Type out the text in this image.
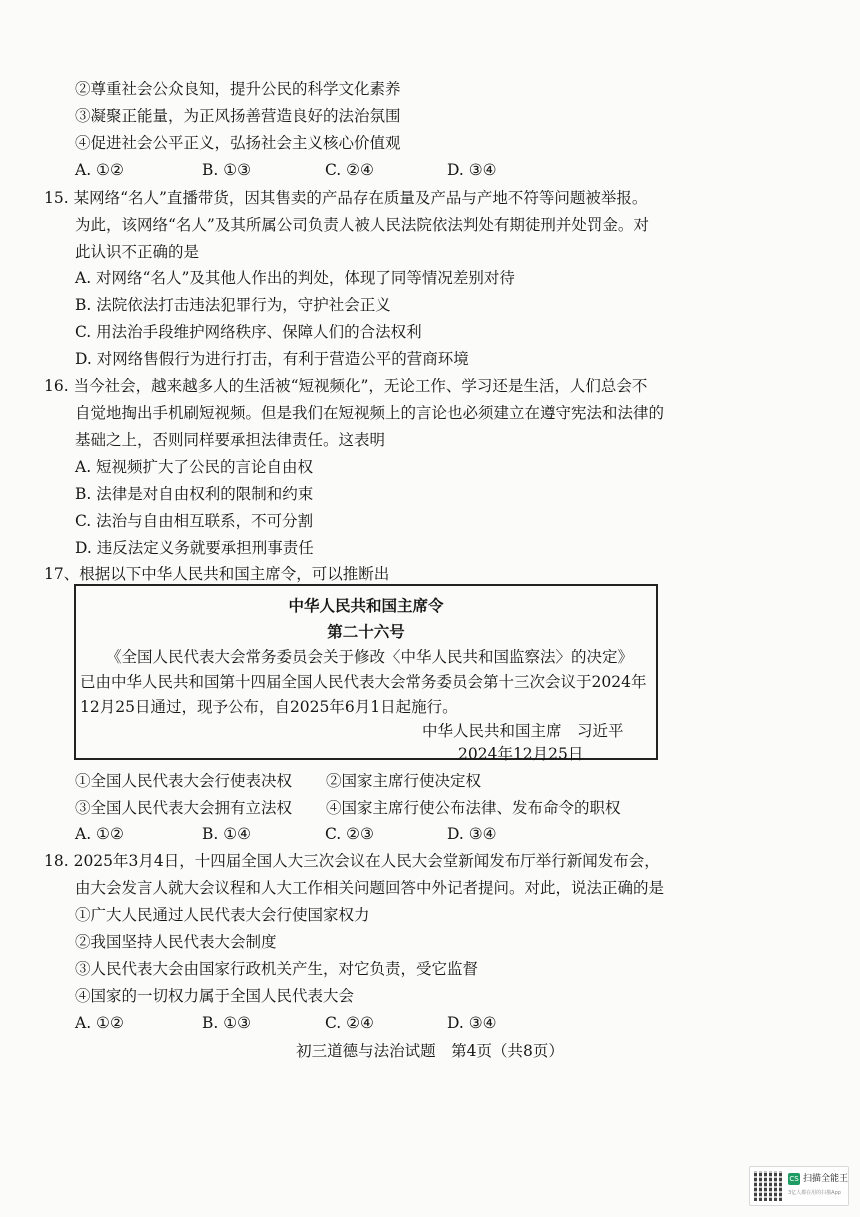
②尊重社会公众良知，提升公民的科学文化素养
③凝聚正能量，为正风扬善营造良好的法治氛围
④促进社会公平正义，弘扬社会主义核心价值观
A. ①②	B. ①③	C. ②④	D. ③④
15. 某网络“名人”直播带货，因其售卖的产品存在质量及产品与产地不符等问题被举报。
为此，该网络“名人”及其所属公司负责人被人民法院依法判处有期徒刑并处罚金。对
此认识不正确的是
A. 对网络“名人”及其他人作出的判处，体现了同等情况差别对待
B. 法院依法打击违法犯罪行为，守护社会正义
C. 用法治手段维护网络秩序、保障人们的合法权利
D. 对网络售假行为进行打击，有利于营造公平的营商环境
16. 当今社会，越来越多人的生活被“短视频化”，无论工作、学习还是生活，人们总会不
自觉地掏出手机刷短视频。但是我们在短视频上的言论也必须建立在遵守宪法和法律的
基础之上，否则同样要承担法律责任。这表明
A. 短视频扩大了公民的言论自由权
B. 法律是对自由权利的限制和约束
C. 法治与自由相互联系，不可分割
D. 违反法定义务就要承担刑事责任
17、根据以下中华人民共和国主席令，可以推断出
中华人民共和国主席令
第二十六号
《全国人民代表大会常务委员会关于修改〈中华人民共和国监察法〉的决定》
已由中华人民共和国第十四届全国人民代表大会常务委员会第十三次会议于2024年
12月25日通过，现予公布，自2025年6月1日起施行。
中华人民共和国主席　习近平
2024年12月25日
①全国人民代表大会行使表决权 ②国家主席行使决定权
③全国人民代表大会拥有立法权 ④国家主席行使公布法律、发布命令的职权
A. ①②	B. ①④	C. ②③	D. ③④
18. 2025年3月4日，十四届全国人大三次会议在人民大会堂新闻发布厅举行新闻发布会，
由大会发言人就大会议程和人大工作相关问题回答中外记者提问。对此，说法正确的是
①广大人民通过人民代表大会行使国家权力
②我国坚持人民代表大会制度
③人民代表大会由国家行政机关产生，对它负责，受它监督
④国家的一切权力属于全国人民代表大会
A. ①②	B. ①③	C. ②④	D. ③④
初三道德与法治试题　第4页（共8页）
CS 扫描全能王
3亿人都在用的扫描App
